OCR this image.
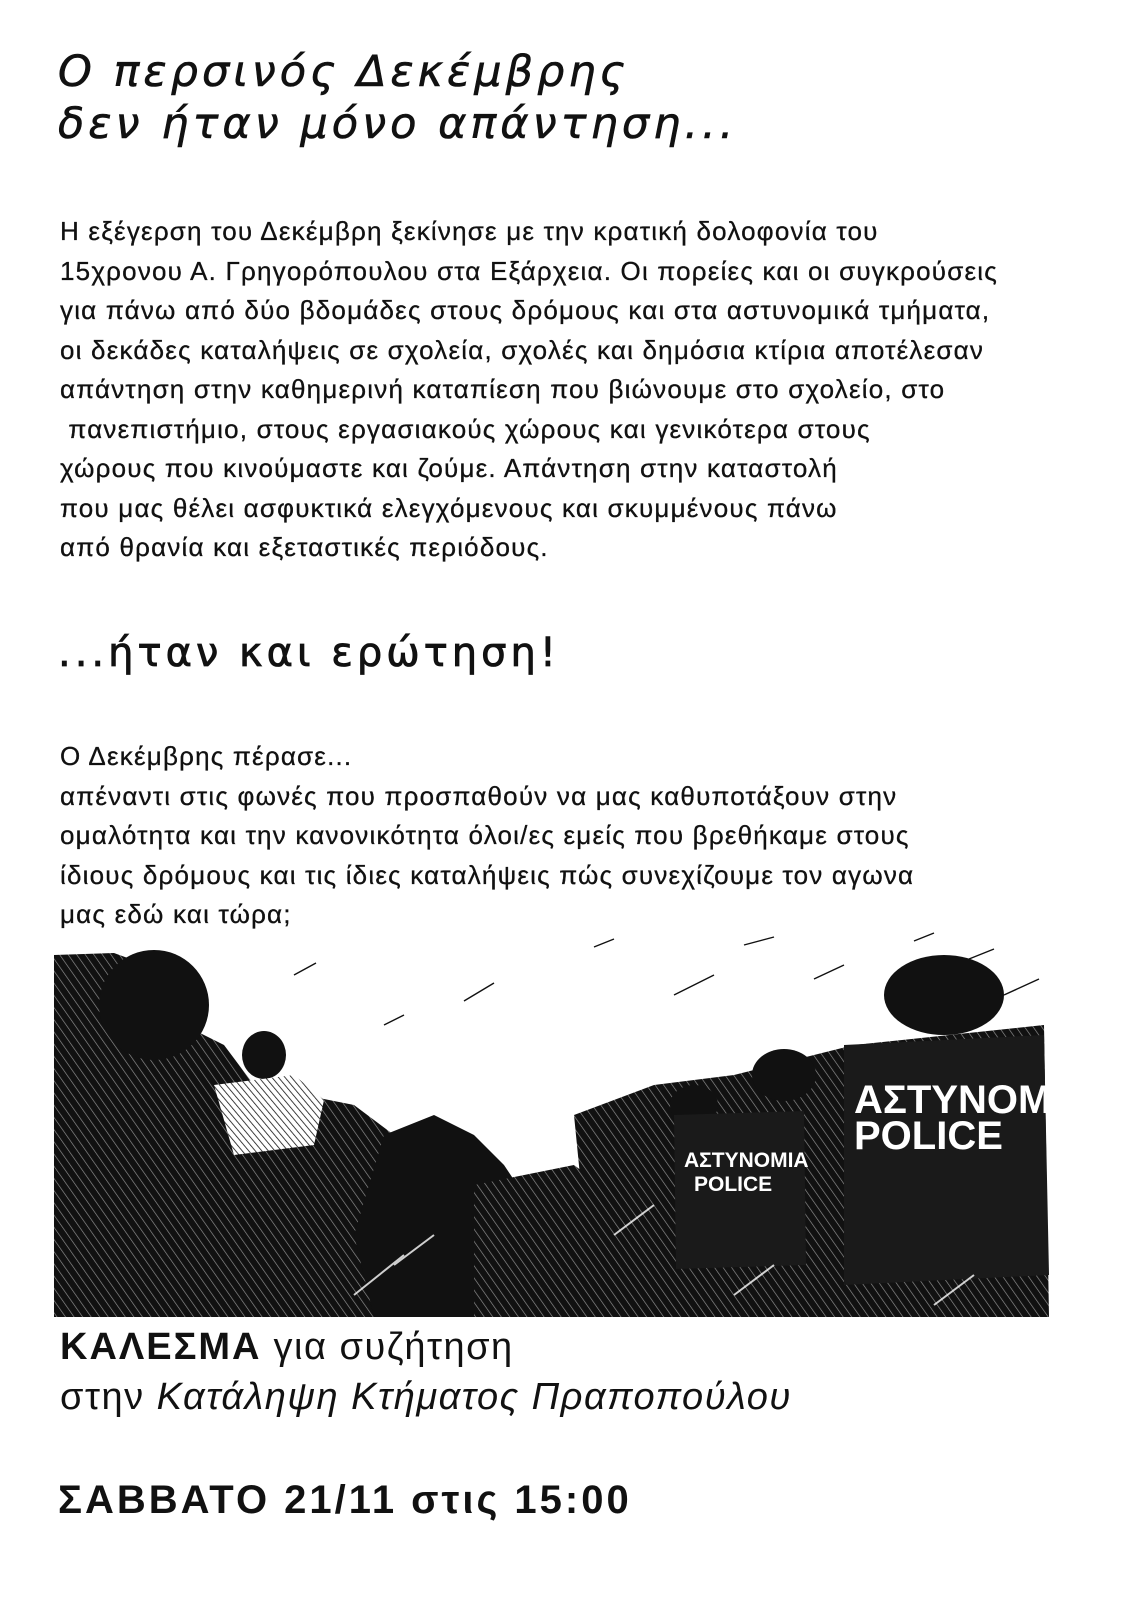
Ο περσινός Δεκέμβρης
δεν ήταν μόνο απάντηση...

Η εξέγερση του Δεκέμβρη ξεκίνησε με την κρατική δολοφονία του
15χρονου Α. Γρηγορόπουλου στα Εξάρχεια. Οι πορείες και οι συγκρούσεις
για πάνω από δύο βδομάδες στους δρόμους και στα αστυνομικά τμήματα,
οι δεκάδες καταλήψεις σε σχολεία, σχολές και δημόσια κτίρια αποτέλεσαν
απάντηση στην καθημερινή καταπίεση που βιώνουμε στο σχολείο, στο
πανεπιστήμιο, στους εργασιακούς χώρους και γενικότερα στους
χώρους που κινούμαστε και ζούμε. Απάντηση στην καταστολή
που μας θέλει ασφυκτικά ελεγχόμενους και σκυμμένους πάνω
από θρανία και εξεταστικές περιόδους.

...ήταν και ερώτηση!

Ο Δεκέμβρης πέρασε...
απέναντι στις φωνές που προσπαθούν να μας καθυποτάξουν στην
ομαλότητα και την κανονικότητα όλοι/ες εμείς που βρεθήκαμε στους
ίδιους δρόμους και τις ίδιες καταλήψεις πώς συνεχίζουμε τον αγωνα
μας εδώ και τώρα;

ΑΣΤΥΝΟΜΙΑ
POLICE
ΑΣΤΥΝΟΜΙΑ
POLICE
ΚΑΛΕΣΜΑ για συζήτηση
στην Κατάληψη Κτήματος Πραποπούλου
ΣΑΒΒΑΤΟ 21/11 στις 15:00
